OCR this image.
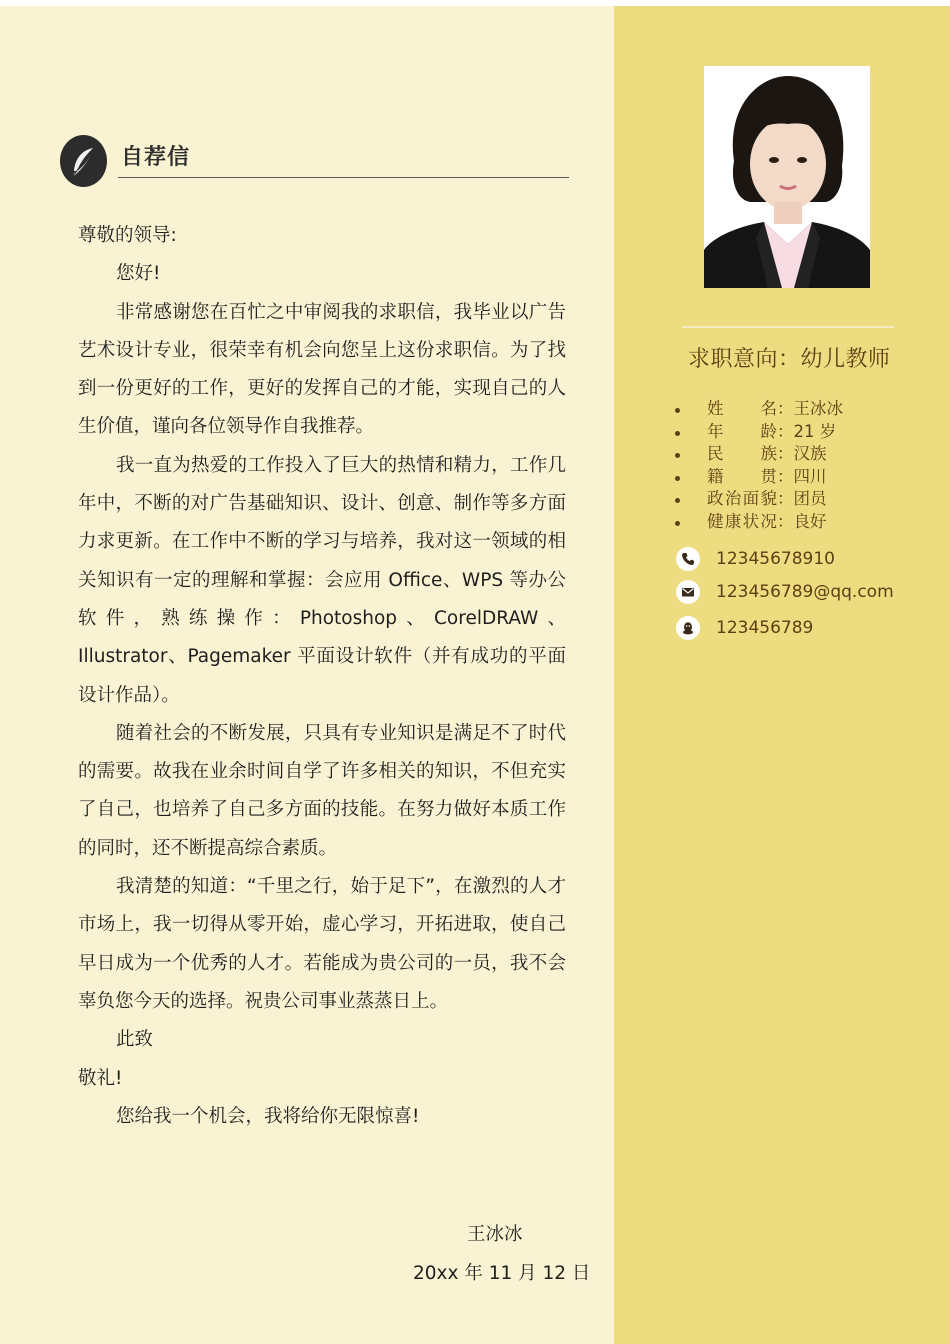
自荐信

尊敬的领导:

您好!

非常感谢您在百忙之中审阅我的求职信，我毕业以广告艺术设计专业，很荣幸有机会向您呈上这份求职信。为了找到一份更好的工作，更好的发挥自己的才能，实现自己的人生价值，谨向各位领导作自我推荐。

我一直为热爱的工作投入了巨大的热情和精力，工作几年中，不断的对广告基础知识、设计、创意、制作等多方面力求更新。在工作中不断的学习与培养，我对这一领域的相关知识有一定的理解和掌握：会应用 Office、WPS 等办公软件，熟练操作：Photoshop、CorelDRAW、Illustrator、Pagemaker 平面设计软件（并有成功的平面设计作品）。

随着社会的不断发展，只具有专业知识是满足不了时代的需要。故我在业余时间自学了许多相关的知识，不但充实了自己，也培养了自己多方面的技能。在努力做好本质工作的同时，还不断提高综合素质。

我清楚的知道：“千里之行，始于足下”，在激烈的人才市场上，我一切得从零开始，虚心学习，开拓进取，使自己早日成为一个优秀的人才。若能成为贵公司的一员，我不会辜负您今天的选择。祝贵公司事业蒸蒸日上。

此致

敬礼!

您给我一个机会，我将给你无限惊喜!

王冰冰
20xx 年 11 月 12 日
求职意向：幼儿教师
姓 名：王冰冰
年 龄：21 岁
民 族：汉族
籍 贯：四川
政治面貌：团员
健康状况：良好
12345678910
123456789@qq.com
123456789
